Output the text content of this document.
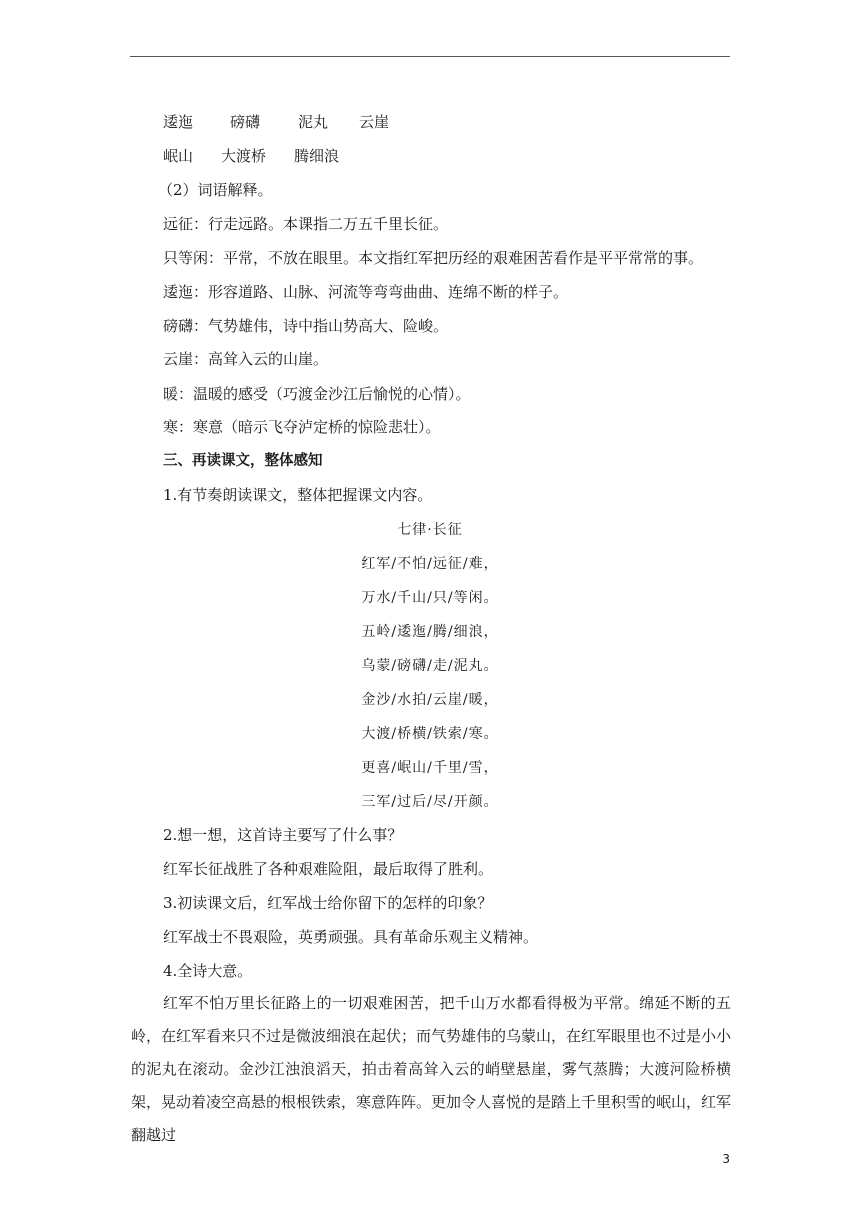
逶迤 磅礴	泥丸 云崖
岷山 大渡桥 腾细浪
（2）词语解释。
远征：行走远路。本课指二万五千里长征。
只等闲：平常，不放在眼里。本文指红军把历经的艰难困苦看作是平平常常的事。
逶迤：形容道路、山脉、河流等弯弯曲曲、连绵不断的样子。
磅礴：气势雄伟，诗中指山势高大、险峻。
云崖：高耸入云的山崖。
暖：温暖的感受（巧渡金沙江后愉悦的心情）。
寒：寒意（暗示飞夺泸定桥的惊险悲壮）。
三、再读课文，整体感知
1.有节奏朗读课文，整体把握课文内容。
七律·长征
红军/不怕/远征/难，
万水/千山/只/等闲。
五岭/逶迤/腾/细浪，
乌蒙/磅礴/走/泥丸。
金沙/水拍/云崖/暖，
大渡/桥横/铁索/寒。
更喜/岷山/千里/雪，
三军/过后/尽/开颜。
2.想一想，这首诗主要写了什么事？
红军长征战胜了各种艰难险阻，最后取得了胜利。
3.初读课文后，红军战士给你留下的怎样的印象？
红军战士不畏艰险，英勇顽强。具有革命乐观主义精神。
4.全诗大意。
红军不怕万里长征路上的一切艰难困苦，把千山万水都看得极为平常。绵延不断的五岭，在红军看来只不过是微波细浪在起伏；而气势雄伟的乌蒙山，在红军眼里也不过是小小的泥丸在滚动。金沙江浊浪滔天，拍击着高耸入云的峭壁悬崖，雾气蒸腾；大渡河险桥横架，晃动着凌空高悬的根根铁索，寒意阵阵。更加令人喜悦的是踏上千里积雪的岷山，红军翻越过
3
